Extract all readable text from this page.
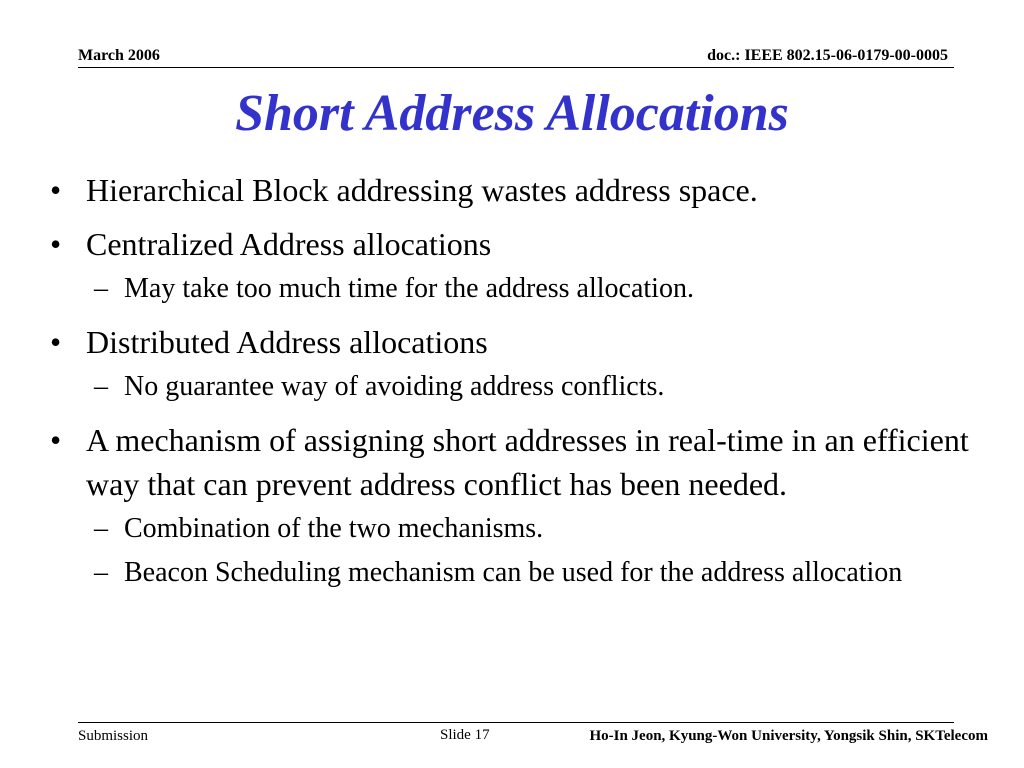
March 2006	doc.: IEEE 802.15-06-0179-00-0005
Short Address Allocations
• Hierarchical Block addressing wastes address space.
• Centralized Address allocations
– May take too much time for the address allocation.
• Distributed Address allocations
– No guarantee way of avoiding address conflicts.
• A mechanism of assigning short addresses in real-time in an efficient way that can prevent address conflict has been needed.
– Combination of the two mechanisms.
– Beacon Scheduling mechanism can be used for the address allocation
Submission	Slide 17	Ho-In Jeon, Kyung-Won University, Yongsik Shin, SKTelecom
